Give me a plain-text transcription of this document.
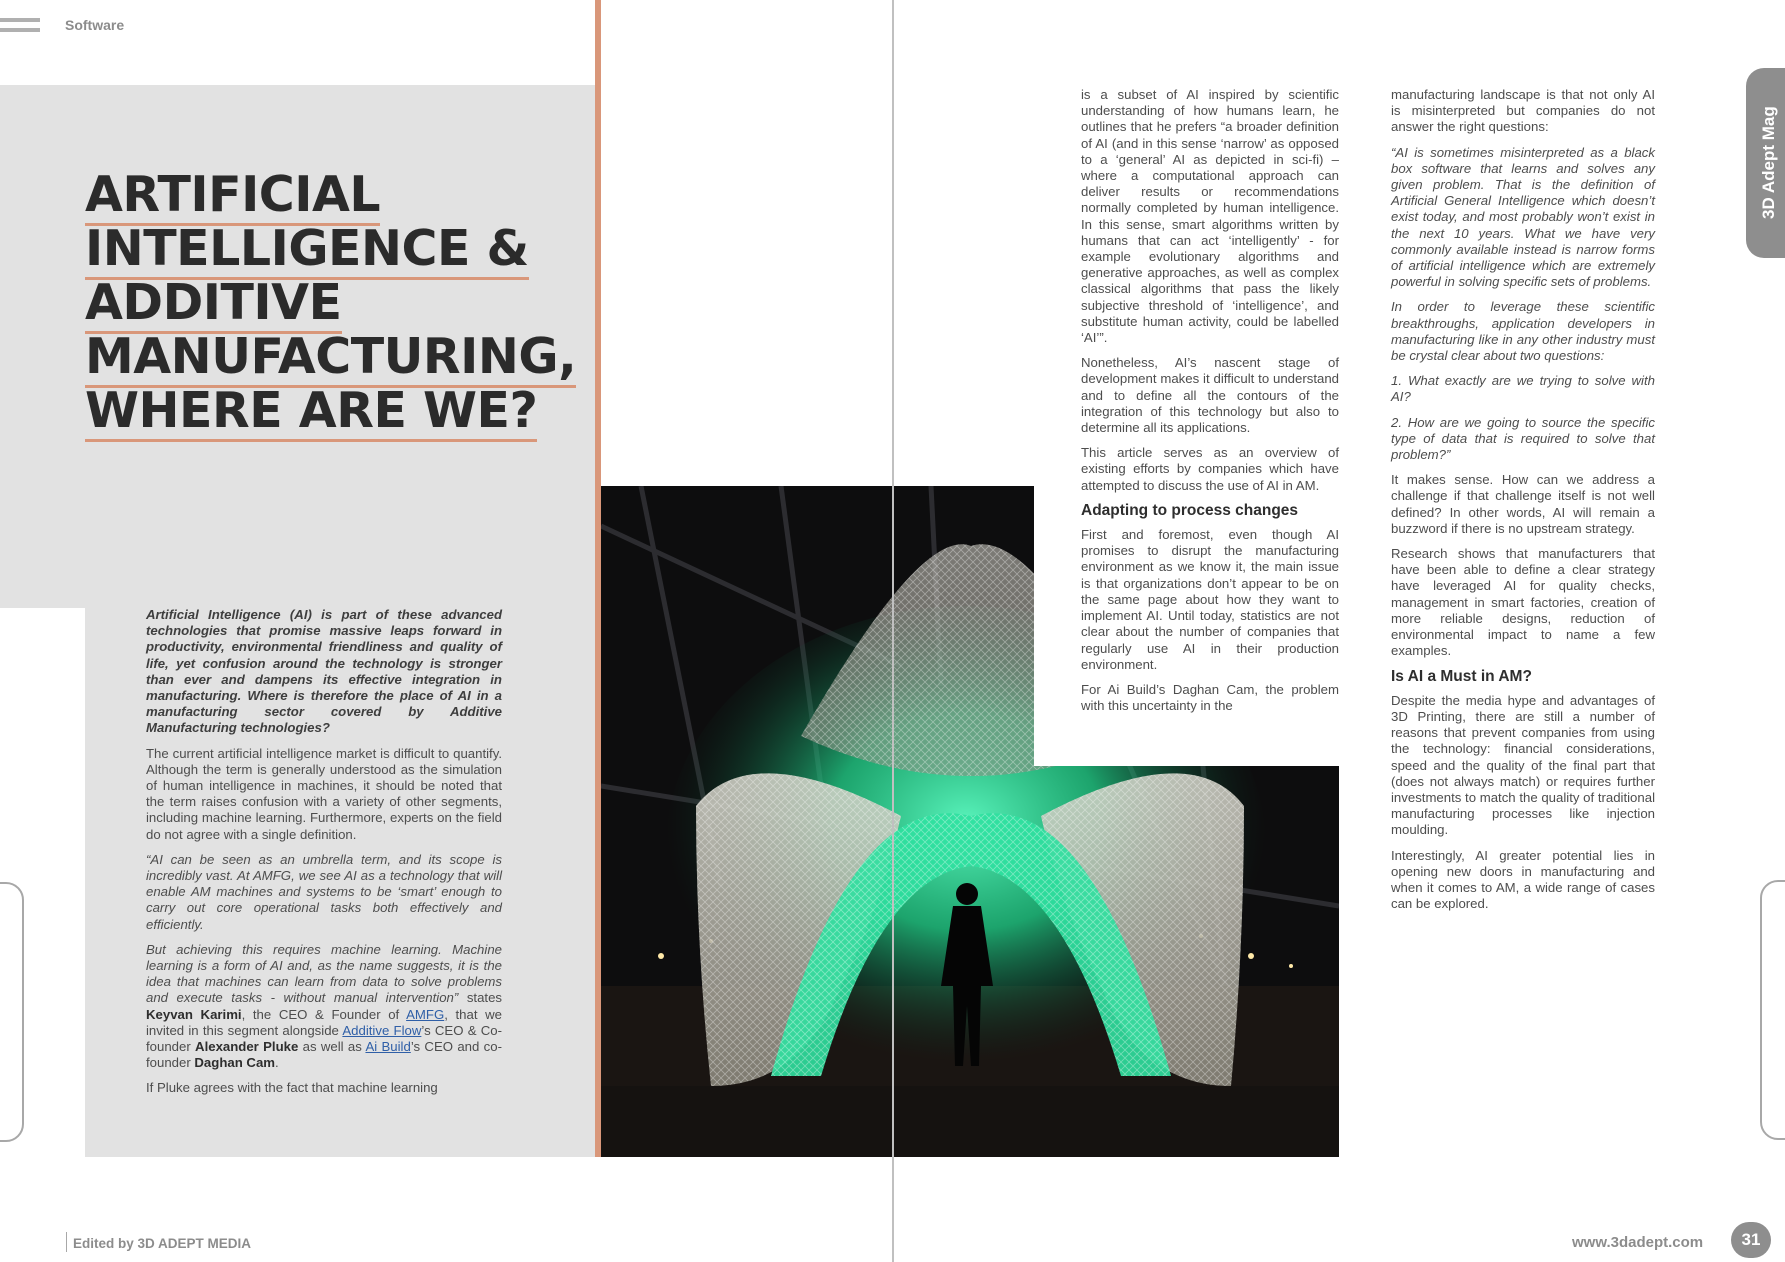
Software
ARTIFICIAL
INTELLIGENCE &
ADDITIVE
MANUFACTURING,
WHERE ARE WE?

Artificial Intelligence (AI) is part of these advanced technologies that promise massive leaps forward in productivity, environmental friendliness and quality of life, yet confusion around the technology is stronger than ever and dampens its effective integration in manufacturing. Where is therefore the place of AI in a manufacturing sector covered by Additive Manufacturing technologies?

The current artificial intelligence market is difficult to quantify. Although the term is generally understood as the simulation of human intelligence in machines, it should be noted that the term raises confusion with a variety of other segments, including machine learning. Furthermore, experts on the field do not agree with a single definition.

“AI can be seen as an umbrella term, and its scope is incredibly vast. At AMFG, we see AI as a technology that will enable AM machines and systems to be ‘smart’ enough to carry out core operational tasks both effectively and efficiently.

But achieving this requires machine learning. Machine learning is a form of AI and, as the name suggests, it is the idea that machines can learn from data to solve problems and execute tasks - without manual intervention” states Keyvan Karimi, the CEO & Founder of AMFG, that we invited in this segment alongside Additive Flow’s CEO & Co-founder Alexander Pluke as well as Ai Build’s CEO and co-founder Daghan Cam.

If Pluke agrees with the fact that machine learning

is a subset of AI inspired by scientific understanding of how humans learn, he outlines that he prefers “a broader definition of AI (and in this sense ‘narrow’ as opposed to a ‘general’ AI as depicted in sci-fi) – where a computational approach can deliver results or recommendations normally completed by human intelligence. In this sense, smart algorithms written by humans that can act ‘intelligently’ - for example evolutionary algorithms and generative approaches, as well as complex classical algorithms that pass the likely subjective threshold of ‘intelligence’, and substitute human activity, could be labelled ‘AI’”.

Nonetheless, AI’s nascent stage of development makes it difficult to understand and to define all the contours of the integration of this technology but also to determine all its applications.

This article serves as an overview of existing efforts by companies which have attempted to discuss the use of AI in AM.

Adapting to process changes

First and foremost, even though AI promises to disrupt the manufacturing environment as we know it, the main issue is that organizations don’t appear to be on the same page about how they want to implement AI. Until today, statistics are not clear about the number of companies that regularly use AI in their production environment.

For Ai Build’s Daghan Cam, the problem with this uncertainty in the

manufacturing landscape is that not only AI is misinterpreted but companies do not answer the right questions:

“AI is sometimes misinterpreted as a black box software that learns and solves any given problem. That is the definition of Artificial General Intelligence which doesn’t exist today, and most probably won’t exist in the next 10 years. What we have very commonly available instead is narrow forms of artificial intelligence which are extremely powerful in solving specific sets of problems.

In order to leverage these scientific breakthroughs, application developers in manufacturing like in any other industry must be crystal clear about two questions:

1. What exactly are we trying to solve with AI?

2. How are we going to source the specific type of data that is required to solve that problem?”

It makes sense. How can we address a challenge if that challenge itself is not well defined? In other words, AI will remain a buzzword if there is no upstream strategy.

Research shows that manufacturers that have been able to define a clear strategy have leveraged AI for quality checks, management in smart factories, creation of more reliable designs, reduction of environmental impact to name a few examples.

Is AI a Must in AM?

Despite the media hype and advantages of 3D Printing, there are still a number of reasons that prevent companies from using the technology: financial considerations, speed and the quality of the final part that (does not always match) or requires further investments to match the quality of traditional manufacturing processes like injection moulding.

Interestingly, AI greater potential lies in opening new doors in manufacturing and when it comes to AM, a wide range of cases can be explored.

3D Adept Mag
Edited by 3D ADEPT MEDIA	www.3dadept.com	31
